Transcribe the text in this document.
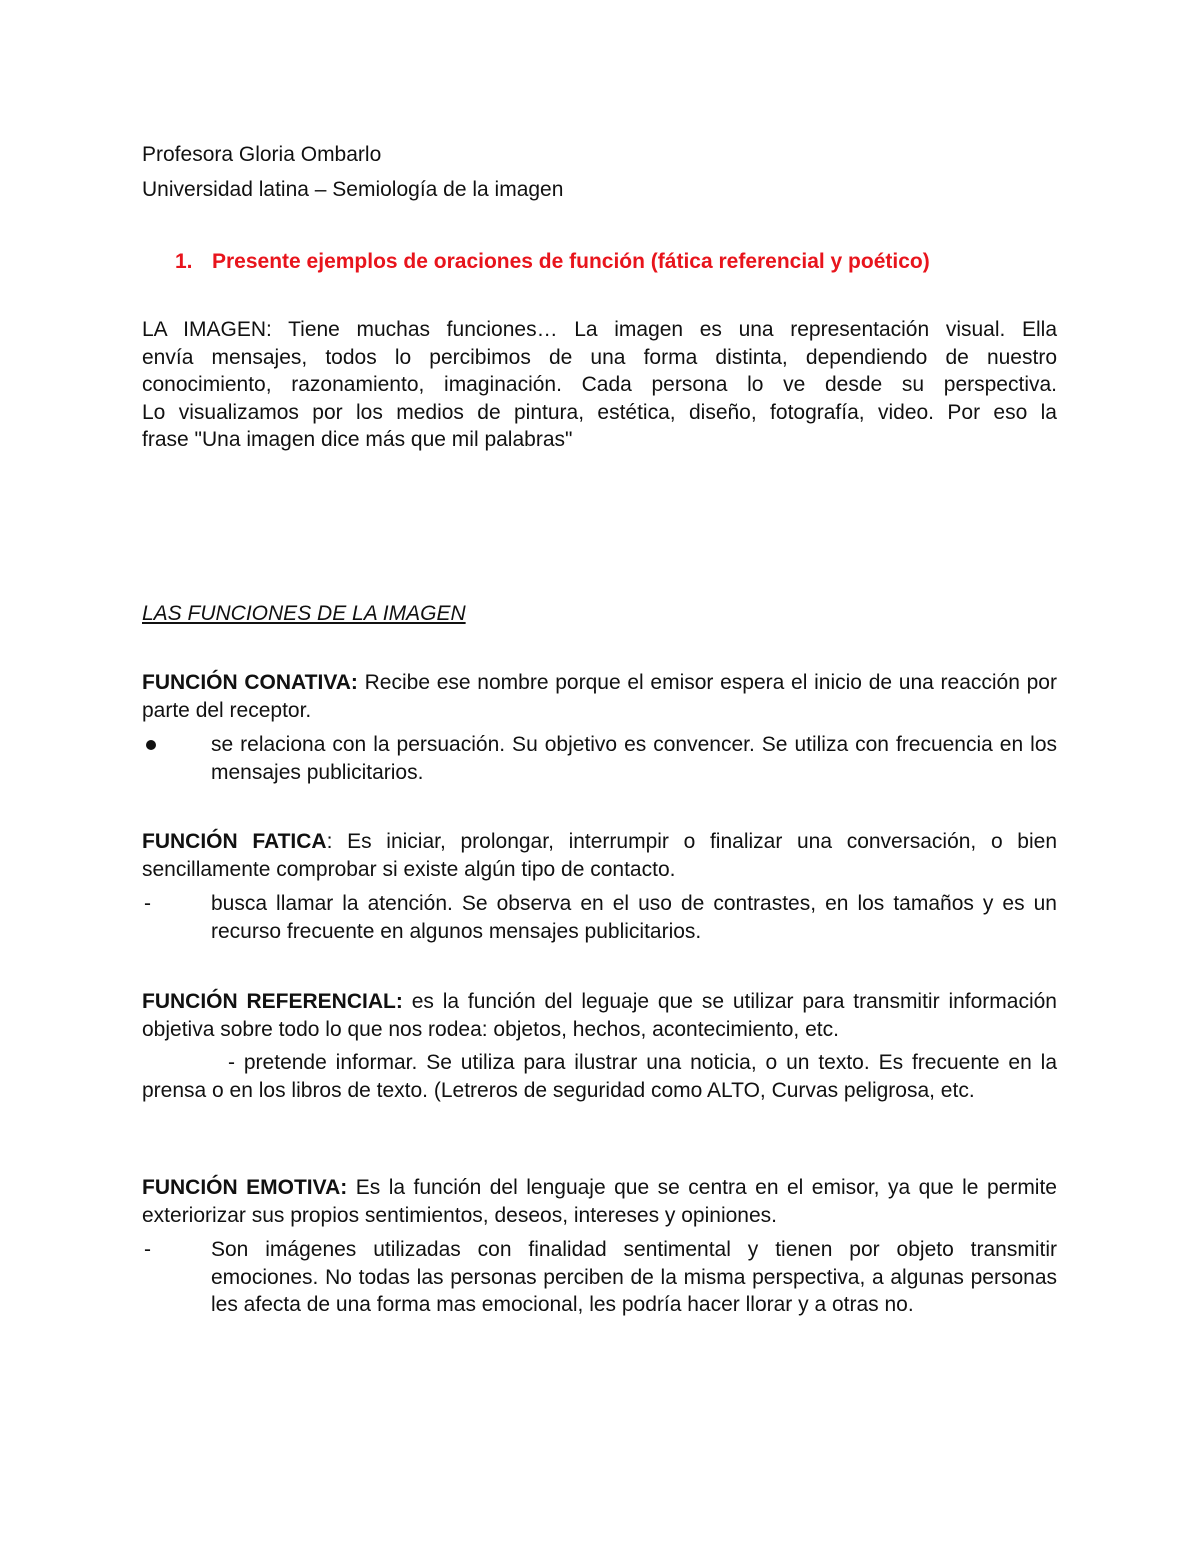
Profesora Gloria Ombarlo
Universidad latina – Semiología de la imagen
1. Presente ejemplos de oraciones de función (fática referencial y poético)
LA IMAGEN: Tiene muchas funciones… La imagen es una representación visual. Ella
envía mensajes, todos lo percibimos de una forma distinta, dependiendo de nuestro
conocimiento, razonamiento, imaginación. Cada persona lo ve desde su perspectiva.
Lo visualizamos por los medios de pintura, estética, diseño, fotografía, video. Por eso la
frase "Una imagen dice más que mil palabras"
LAS FUNCIONES DE LA IMAGEN
FUNCIÓN CONATIVA: Recibe ese nombre porque el emisor espera el inicio de una reacción por parte del receptor.
se relaciona con la persuación. Su objetivo es convencer. Se utiliza con frecuencia en los mensajes publicitarios.
FUNCIÓN FATICA: Es iniciar, prolongar, interrumpir o finalizar una conversación, o bien sencillamente comprobar si existe algún tipo de contacto.
-	busca llamar la atención. Se observa en el uso de contrastes, en los tamaños y es un recurso frecuente en algunos mensajes publicitarios.
FUNCIÓN REFERENCIAL: es la función del leguaje que se utilizar para transmitir información objetiva sobre todo lo que nos rodea: objetos, hechos, acontecimiento, etc.
- pretende informar. Se utiliza para ilustrar una noticia, o un texto. Es frecuente en la prensa o en los libros de texto. (Letreros de seguridad como ALTO, Curvas peligrosa, etc.
FUNCIÓN EMOTIVA: Es la función del lenguaje que se centra en el emisor, ya que le permite exteriorizar sus propios sentimientos, deseos, intereses y opiniones.
-	Son imágenes utilizadas con finalidad sentimental y tienen por objeto transmitir emociones. No todas las personas perciben de la misma perspectiva, a algunas personas les afecta de una forma mas emocional, les podría hacer llorar y a otras no.
